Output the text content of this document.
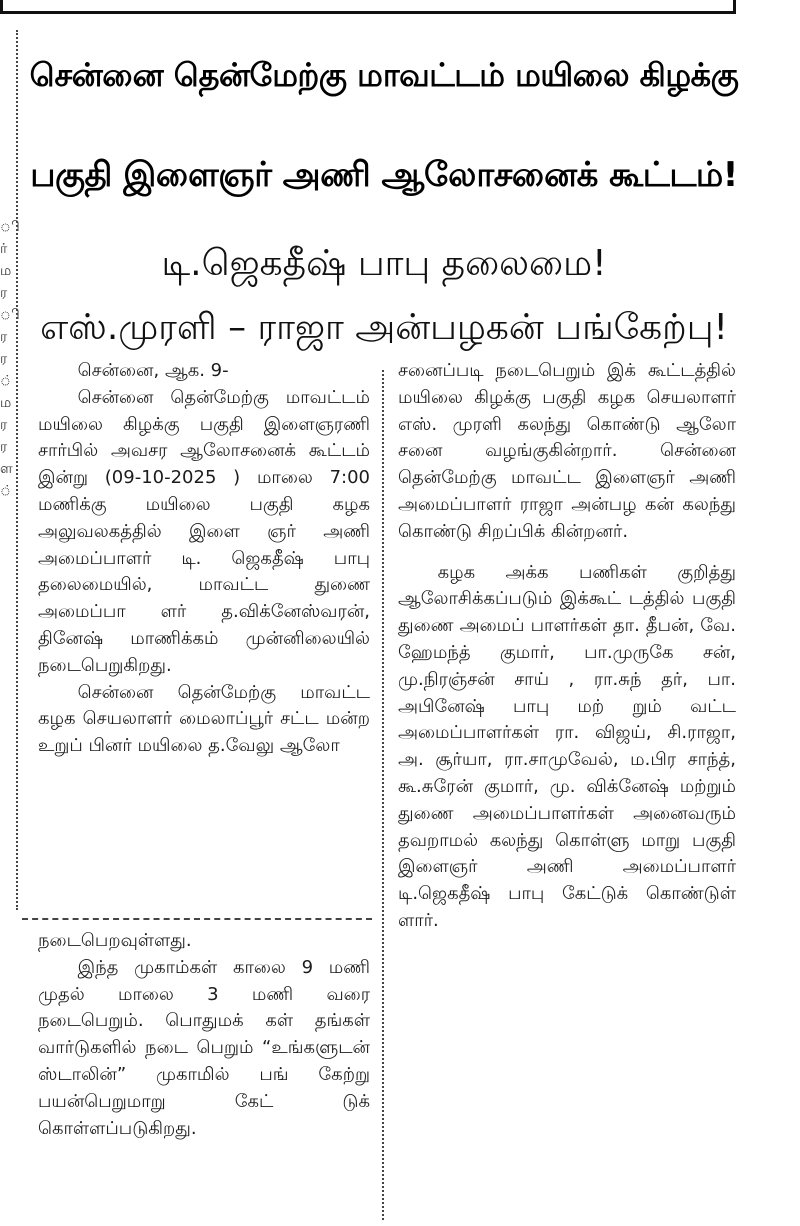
ி
ர்
ம
ர
ி
ர
ர
்
ம
ர
ர
ள
்
சென்னை தென்மேற்கு மாவட்டம் மயிலை கிழக்கு
பகுதி இளைஞர் அணி ஆலோசனைக் கூட்டம்!
டி.ஜெகதீஷ் பாபு தலைமை!
எஸ்.முரளி – ராஜா அன்பழகன் பங்கேற்பு!

சென்னை, ஆக. 9-

சென்னை தென்மேற்கு மாவட்டம் மயிலை கிழக்கு பகுதி இளைஞரணி சார்பில் அவசர ஆலோசனைக் கூட்டம் இன்று (09-10-2025 ) மாலை 7:00 மணிக்கு மயிலை பகுதி கழக அலுவலகத்தில் இளை ஞர் அணி அமைப்பாளர் டி. ஜெகதீஷ் பாபு தலைமையில், மாவட்ட துணை அமைப்பா ளர் த.விக்னேஸ்வரன், தினேஷ் மாணிக்கம் முன்னிலையில் நடைபெறுகிறது.

சென்னை தென்மேற்கு மாவட்ட கழக செயலாளர் மைலாப்பூர் சட்ட மன்ற உறுப் பினர் மயிலை த.வேலு ஆலோ

நடைபெறவுள்ளது.

இந்த முகாம்கள் காலை 9 மணி முதல் மாலை 3 மணி வரை நடைபெறும். பொதுமக் கள் தங்கள் வார்டுகளில் நடை பெறும் “உங்களுடன் ஸ்டாலின்” முகாமில் பங் கேற்று பயன்பெறுமாறு கேட் டுக் கொள்ளப்படுகிறது.

சனைப்படி நடைபெறும் இக் கூட்டத்தில் மயிலை கிழக்கு பகுதி கழக செயலாளர் எஸ். முரளி கலந்து கொண்டு ஆலோ சனை வழங்குகின்றார். சென்னை தென்மேற்கு மாவட்ட இளைஞர் அணி அமைப்பாளர் ராஜா அன்பழ கன் கலந்து கொண்டு சிறப்பிக் கின்றனர்.

கழக அக்க பணிகள் குறித்து ஆலோசிக்கப்படும் இக்கூட் டத்தில் பகுதி துணை அமைப் பாளர்கள் தா. தீபன், வே. ஹேமந்த் குமார், பா.முருகே சன், மு.நிரஞ்சன் சாய் , ரா.சுந் தர், பா. அபினேஷ் பாபு மற் றும் வட்ட அமைப்பாளர்கள் ரா. விஜய், சி.ராஜா, அ. சூர்யா, ரா.சாமுவேல், ம.பிர சாந்த், கூ.சுரேன் குமார், மு. விக்னேஷ் மற்றும் துணை அமைப்பாளர்கள் அனைவரும் தவறாமல் கலந்து கொள்ளு மாறு பகுதி இளைஞர் அணி அமைப்பாளர் டி.ஜெகதீஷ் பாபு கேட்டுக் கொண்டுள் ளார்.
